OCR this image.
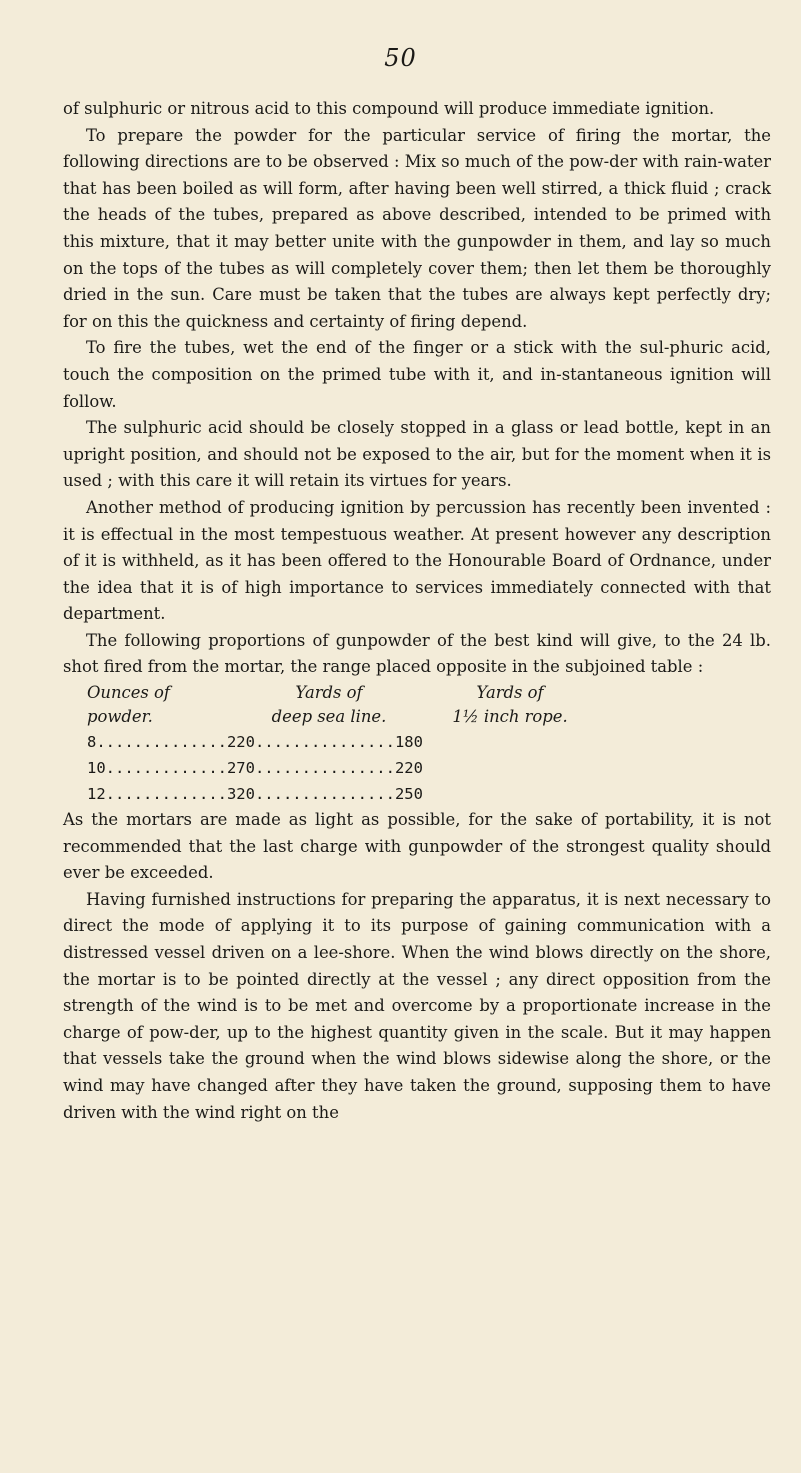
50

of sulphuric or nitrous acid to this compound will produce immediate ignition.

To prepare the powder for the particular service of firing the mortar, the following directions are to be observed : Mix so much of the pow-der with rain-water that has been boiled as will form, after having been well stirred, a thick fluid ; crack the heads of the tubes, prepared as above described, intended to be primed with this mixture, that it may better unite with the gunpowder in them, and lay so much on the tops of the tubes as will completely cover them; then let them be thoroughly dried in the sun. Care must be taken that the tubes are always kept perfectly dry; for on this the quickness and certainty of firing depend.

To fire the tubes, wet the end of the finger or a stick with the sul-phuric acid, touch the composition on the primed tube with it, and in-stantaneous ignition will follow.

The sulphuric acid should be closely stopped in a glass or lead bottle, kept in an upright position, and should not be exposed to the air, but for the moment when it is used ; with this care it will retain its virtues for years.

Another method of producing ignition by percussion has recently been invented : it is effectual in the most tempestuous weather. At present however any description of it is withheld, as it has been offered to the Honourable Board of Ordnance, under the idea that it is of high importance to services immediately connected with that department.

The following proportions of gunpowder of the best kind will give, to the 24 lb. shot fired from the mortar, the range placed opposite in the subjoined table :

Ounces of	Yards of	Yards of
powder.	deep sea line.	1½ inch rope.
8..............220...............180
10.............270...............220
12.............320...............250

As the mortars are made as light as possible, for the sake of portability, it is not recommended that the last charge with gunpowder of the strongest quality should ever be exceeded.

Having furnished instructions for preparing the apparatus, it is next necessary to direct the mode of applying it to its purpose of gaining communication with a distressed vessel driven on a lee-shore. When the wind blows directly on the shore, the mortar is to be pointed directly at the vessel ; any direct opposition from the strength of the wind is to be met and overcome by a proportionate increase in the charge of pow-der, up to the highest quantity given in the scale. But it may happen that vessels take the ground when the wind blows sidewise along the shore, or the wind may have changed after they have taken the ground, supposing them to have driven with the wind right on the
